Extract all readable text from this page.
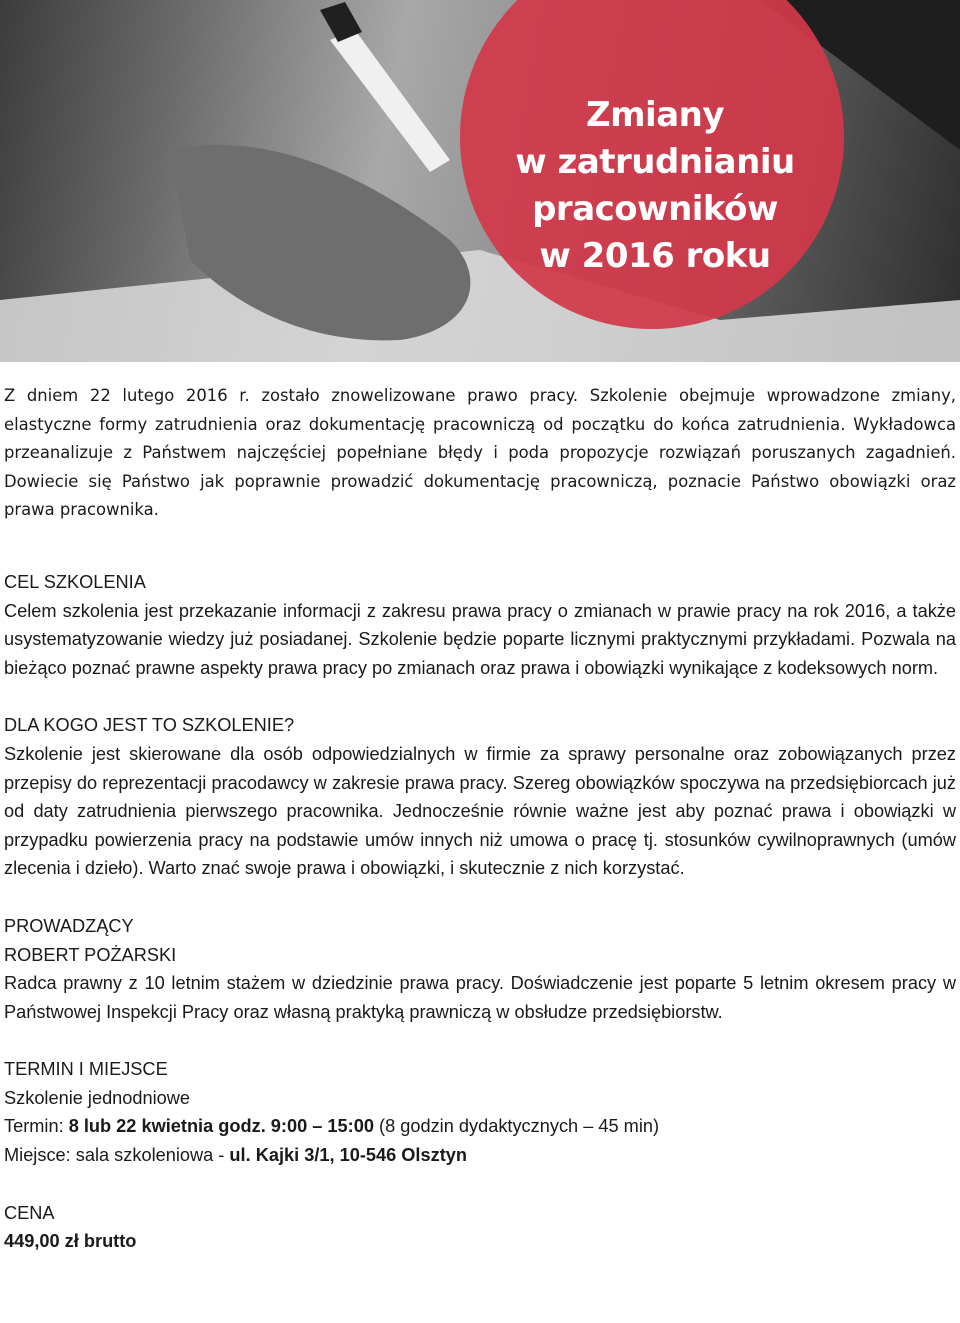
Zmiany
w zatrudnianiu
pracowników
w 2016 roku

Z dniem 22 lutego 2016 r. zostało znowelizowane prawo pracy. Szkolenie obejmuje wprowadzone zmiany, elastyczne formy zatrudnienia oraz dokumentację pracowniczą od początku do końca zatrudnienia. Wykładowca przeanalizuje z Państwem najczęściej popełniane błędy i poda propozycje rozwiązań poruszanych zagadnień. Dowiecie się Państwo jak poprawnie prowadzić dokumentację pracowniczą, poznacie Państwo obowiązki oraz prawa pracownika.

CEL SZKOLENIA

Celem szkolenia jest przekazanie informacji z zakresu prawa pracy o zmianach w prawie pracy na rok 2016, a także usystematyzowanie wiedzy już posiadanej. Szkolenie będzie poparte licznymi praktycznymi przykładami. Pozwala na bieżąco poznać prawne aspekty prawa pracy po zmianach oraz prawa i obowiązki wynikające z kodeksowych norm.

DLA KOGO JEST TO SZKOLENIE?

Szkolenie jest skierowane dla osób odpowiedzialnych w firmie za sprawy personalne oraz zobowiązanych przez przepisy do reprezentacji pracodawcy w zakresie prawa pracy. Szereg obowiązków spoczywa na przedsiębiorcach już od daty zatrudnienia pierwszego pracownika. Jednocześnie równie ważne jest aby poznać prawa i obowiązki w przypadku powierzenia pracy na podstawie umów innych niż umowa o pracę tj. stosunków cywilnoprawnych (umów zlecenia i dzieło). Warto znać swoje prawa i obowiązki, i skutecznie z nich korzystać.

PROWADZĄCY
ROBERT POŻARSKI

Radca prawny z 10 letnim stażem w dziedzinie prawa pracy. Doświadczenie jest poparte 5 letnim okresem pracy w Państwowej Inspekcji Pracy oraz własną praktyką prawniczą w obsłudze przedsiębiorstw.

TERMIN I MIEJSCE
Szkolenie jednodniowe
Termin: 8 lub 22 kwietnia godz. 9:00 – 15:00 (8 godzin dydaktycznych – 45 min)
Miejsce: sala szkoleniowa - ul. Kajki 3/1, 10-546 Olsztyn
CENA
449,00 zł brutto
